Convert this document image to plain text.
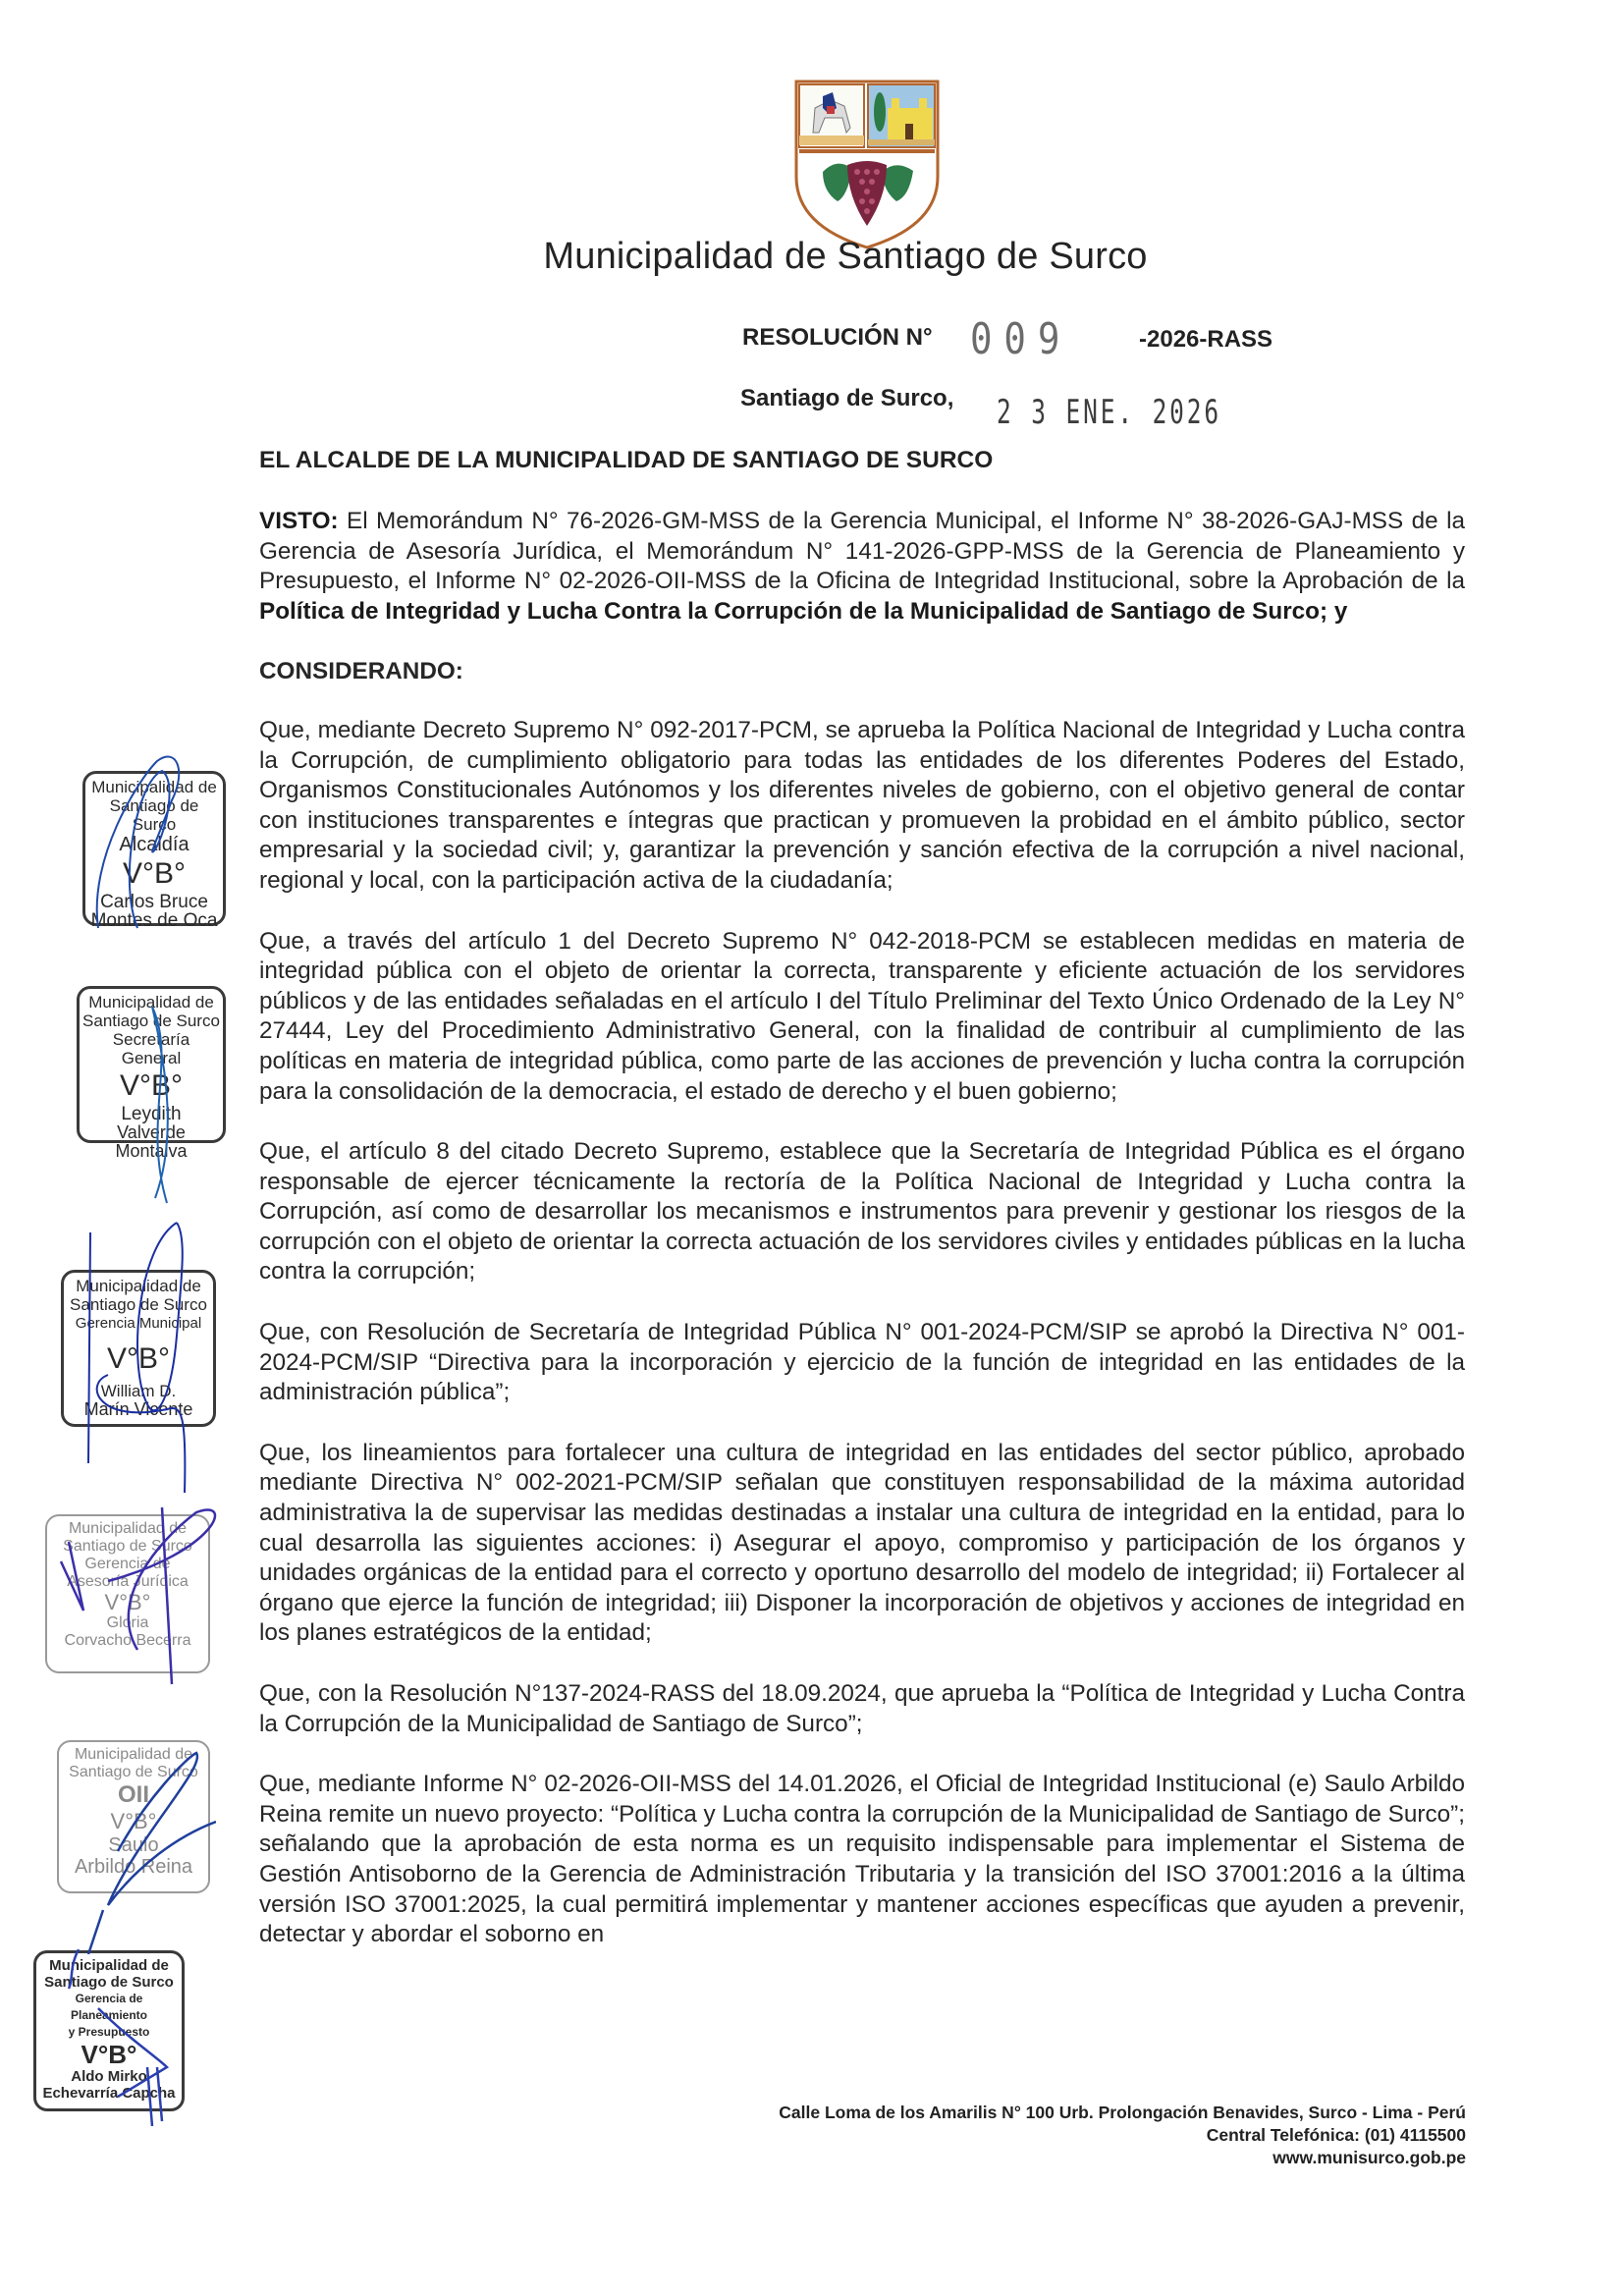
Municipalidad de Santiago de Surco
RESOLUCIÓN N° 009	-2026-RASS
Santiago de Surco, 2 3 ENE. 2026
EL ALCALDE DE LA MUNICIPALIDAD DE SANTIAGO DE SURCO

VISTO: El Memorándum N° 76-2026-GM-MSS de la Gerencia Municipal, el Informe N° 38-2026-GAJ-MSS de la Gerencia de Asesoría Jurídica, el Memorándum N° 141-2026-GPP-MSS de la Gerencia de Planeamiento y Presupuesto, el Informe N° 02-2026-OII-MSS de la Oficina de Integridad Institucional, sobre la Aprobación de la Política de Integridad y Lucha Contra la Corrupción de la Municipalidad de Santiago de Surco; y

CONSIDERANDO:

Que, mediante Decreto Supremo N° 092-2017-PCM, se aprueba la Política Nacional de Integridad y Lucha contra la Corrupción, de cumplimiento obligatorio para todas las entidades de los diferentes Poderes del Estado, Organismos Constitucionales Autónomos y los diferentes niveles de gobierno, con el objetivo general de contar con instituciones transparentes e íntegras que practican y promueven la probidad en el ámbito público, sector empresarial y la sociedad civil; y, garantizar la prevención y sanción efectiva de la corrupción a nivel nacional, regional y local, con la participación activa de la ciudadanía;

Que, a través del artículo 1 del Decreto Supremo N° 042-2018-PCM se establecen medidas en materia de integridad pública con el objeto de orientar la correcta, transparente y eficiente actuación de los servidores públicos y de las entidades señaladas en el artículo I del Título Preliminar del Texto Único Ordenado de la Ley N° 27444, Ley del Procedimiento Administrativo General, con la finalidad de contribuir al cumplimiento de las políticas en materia de integridad pública, como parte de las acciones de prevención y lucha contra la corrupción para la consolidación de la democracia, el estado de derecho y el buen gobierno;

Que, el artículo 8 del citado Decreto Supremo, establece que la Secretaría de Integridad Pública es el órgano responsable de ejercer técnicamente la rectoría de la Política Nacional de Integridad y Lucha contra la Corrupción, así como de desarrollar los mecanismos e instrumentos para prevenir y gestionar los riesgos de la corrupción con el objeto de orientar la correcta actuación de los servidores civiles y entidades públicas en la lucha contra la corrupción;

Que, con Resolución de Secretaría de Integridad Pública N° 001-2024-PCM/SIP se aprobó la Directiva N° 001-2024-PCM/SIP “Directiva para la incorporación y ejercicio de la función de integridad en las entidades de la administración pública”;

Que, los lineamientos para fortalecer una cultura de integridad en las entidades del sector público, aprobado mediante Directiva N° 002-2021-PCM/SIP señalan que constituyen responsabilidad de la máxima autoridad administrativa la de supervisar las medidas destinadas a instalar una cultura de integridad en la entidad, para lo cual desarrolla las siguientes acciones: i) Asegurar el apoyo, compromiso y participación de los órganos y unidades orgánicas de la entidad para el correcto y oportuno desarrollo del modelo de integridad; ii) Fortalecer al órgano que ejerce la función de integridad; iii) Disponer la incorporación de objetivos y acciones de integridad en los planes estratégicos de la entidad;

Que, con la Resolución N°137-2024-RASS del 18.09.2024, que aprueba la “Política de Integridad y Lucha Contra la Corrupción de la Municipalidad de Santiago de Surco”;

Que, mediante Informe N° 02-2026-OII-MSS del 14.01.2026, el Oficial de Integridad Institucional (e) Saulo Arbildo Reina remite un nuevo proyecto: “Política y Lucha contra la corrupción de la Municipalidad de Santiago de Surco”; señalando que la aprobación de esta norma es un requisito indispensable para implementar el Sistema de Gestión Antisoborno de la Gerencia de Administración Tributaria y la transición del ISO 37001:2016 a la última versión ISO 37001:2025, la cual permitirá implementar y mantener acciones específicas que ayuden a prevenir, detectar y abordar el soborno en

Municipalidad de
Santiago de Surco
Alcaldía
V°B°
Carlos Bruce
Montes de Oca
Municipalidad de
Santiago de Surco
Secretaría General
V°B°
Leydith
Valverde Montalva
Municipalidad de
Santiago de Surco
Gerencia Municipal
V°B°
William D.
Marín Vicente
Municipalidad de
Santiago de Surco
Gerencia de
Asesoría Jurídica
V°B°
Gloria
Corvacho Becerra
Municipalidad de
Santiago de Surco
OII
V°B°
Saulo
Arbildo Reina
Municipalidad de
Santiago de Surco
Gerencia de Planeamiento
y Presupuesto
V°B°
Aldo Mirko
Echevarría Capcha
Calle Loma de los Amarilis N° 100 Urb. Prolongación Benavides, Surco - Lima - Perú
Central Telefónica: (01) 4115500
www.munisurco.gob.pe
